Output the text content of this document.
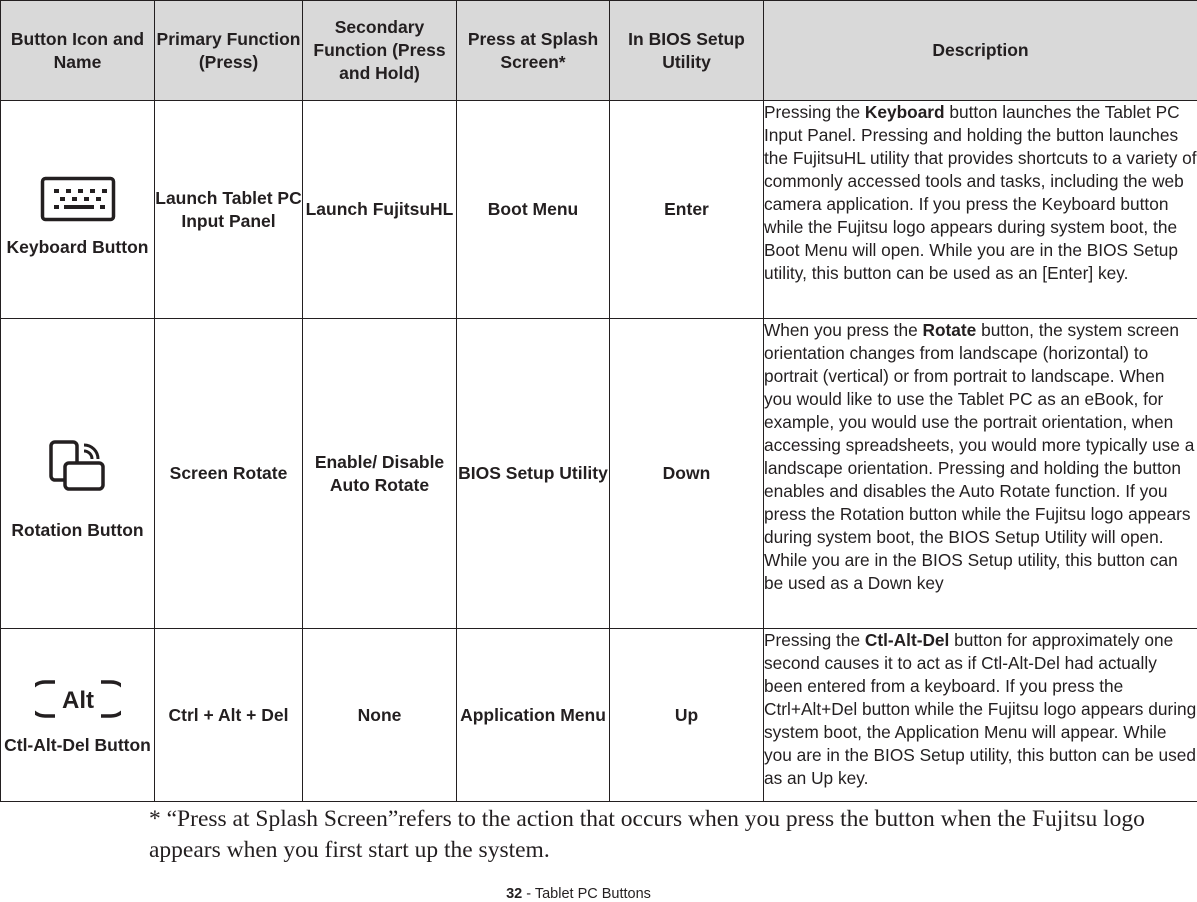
Button Icon and Name	Primary Function (Press)	Secondary Function (Press and Hold)	Press at Splash Screen*	In BIOS Setup Utility	Description

Keyboard Button	Launch Tablet PC Input Panel	Launch FujitsuHL	Boot Menu	Enter	Pressing the Keyboard button launches the Tablet PC Input Panel. Pressing and holding the button launches the FujitsuHL utility that provides shortcuts to a variety of commonly accessed tools and tasks, including the web camera application. If you press the Keyboard button while the Fujitsu logo appears during system boot, the Boot Menu will open. While you are in the BIOS Setup utility, this button can be used as an [Enter] key.

Rotation Button	Screen Rotate	Enable/ Disable Auto Rotate	BIOS Setup Utility	Down	When you press the Rotate button, the system screen orientation changes from landscape (horizontal) to portrait (vertical) or from portrait to landscape. When you would like to use the Tablet PC as an eBook, for example, you would use the portrait orientation, when accessing spreadsheets, you would more typically use a landscape orientation. Pressing and holding the button enables and disables the Auto Rotate function. If you press the Rotation button while the Fujitsu logo appears during system boot, the BIOS Setup Utility will open. While you are in the BIOS Setup utility, this button can be used as a Down key

Alt
Ctl-Alt-Del Button	Ctrl + Alt + Del	None	Application Menu	Up	Pressing the Ctl-Alt-Del button for approximately one second causes it to act as if Ctl-Alt-Del had actually been entered from a keyboard. If you press the Ctrl+Alt+Del button while the Fujitsu logo appears during system boot, the Application Menu will appear. While you are in the BIOS Setup utility, this button can be used as an Up key.
* “Press at Splash Screen”refers to the action that occurs when you press the button when the Fujitsu logo appears when you first start up the system.
32 - Tablet PC Buttons
